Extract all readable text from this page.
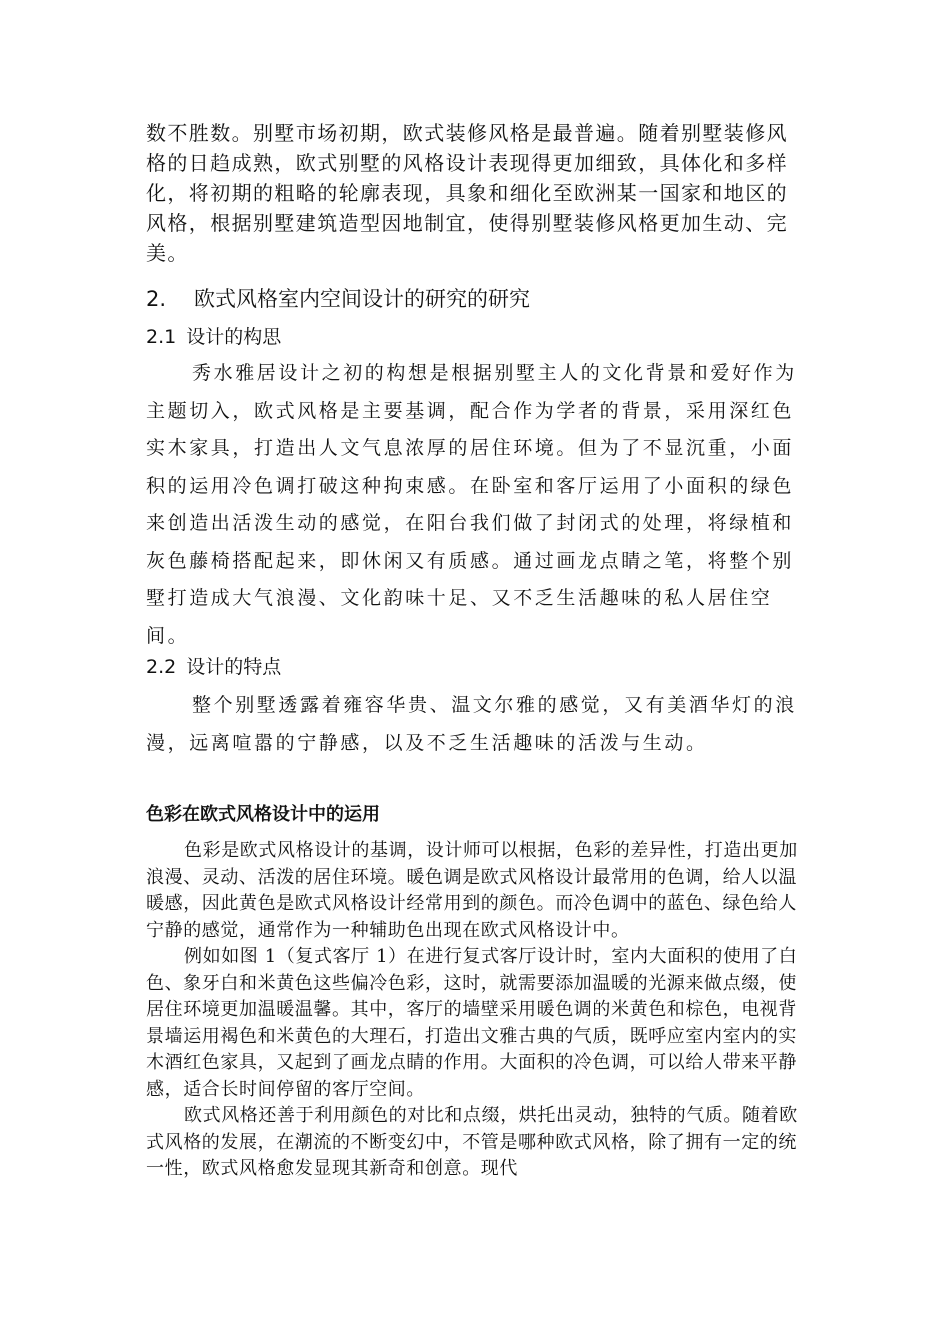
数不胜数。别墅市场初期，欧式装修风格是最普遍。随着别墅装修风格的日趋成熟，欧式别墅的风格设计表现得更加细致，具体化和多样化，将初期的粗略的轮廓表现，具象和细化至欧洲某一国家和地区的风格，根据别墅建筑造型因地制宜，使得别墅装修风格更加生动、完美。

2. 欧式风格室内空间设计的研究的研究
2.1 设计的构思

秀水雅居设计之初的构想是根据别墅主人的文化背景和爱好作为主题切入，欧式风格是主要基调，配合作为学者的背景，采用深红色实木家具，打造出人文气息浓厚的居住环境。但为了不显沉重，小面积的运用冷色调打破这种拘束感。在卧室和客厅运用了小面积的绿色来创造出活泼生动的感觉，在阳台我们做了封闭式的处理，将绿植和灰色藤椅搭配起来，即休闲又有质感。通过画龙点睛之笔，将整个别墅打造成大气浪漫、文化韵味十足、又不乏生活趣味的私人居住空间。

2.2 设计的特点

整个别墅透露着雍容华贵、温文尔雅的感觉，又有美酒华灯的浪漫，远离喧嚣的宁静感，以及不乏生活趣味的活泼与生动。

色彩在欧式风格设计中的运用

色彩是欧式风格设计的基调，设计师可以根据，色彩的差异性，打造出更加浪漫、灵动、活泼的居住环境。暖色调是欧式风格设计最常用的色调，给人以温暖感，因此黄色是欧式风格设计经常用到的颜色。而冷色调中的蓝色、绿色给人宁静的感觉，通常作为一种辅助色出现在欧式风格设计中。

例如如图 1（复式客厅 1）在进行复式客厅设计时，室内大面积的使用了白色、象牙白和米黄色这些偏冷色彩，这时，就需要添加温暖的光源来做点缀，使居住环境更加温暖温馨。其中，客厅的墙壁采用暖色调的米黄色和棕色，电视背景墙运用褐色和米黄色的大理石，打造出文雅古典的气质，既呼应室内室内的实木酒红色家具，又起到了画龙点睛的作用。大面积的冷色调，可以给人带来平静感，适合长时间停留的客厅空间。

欧式风格还善于利用颜色的对比和点缀，烘托出灵动，独特的气质。随着欧式风格的发展，在潮流的不断变幻中，不管是哪种欧式风格，除了拥有一定的统一性，欧式风格愈发显现其新奇和创意。现代
